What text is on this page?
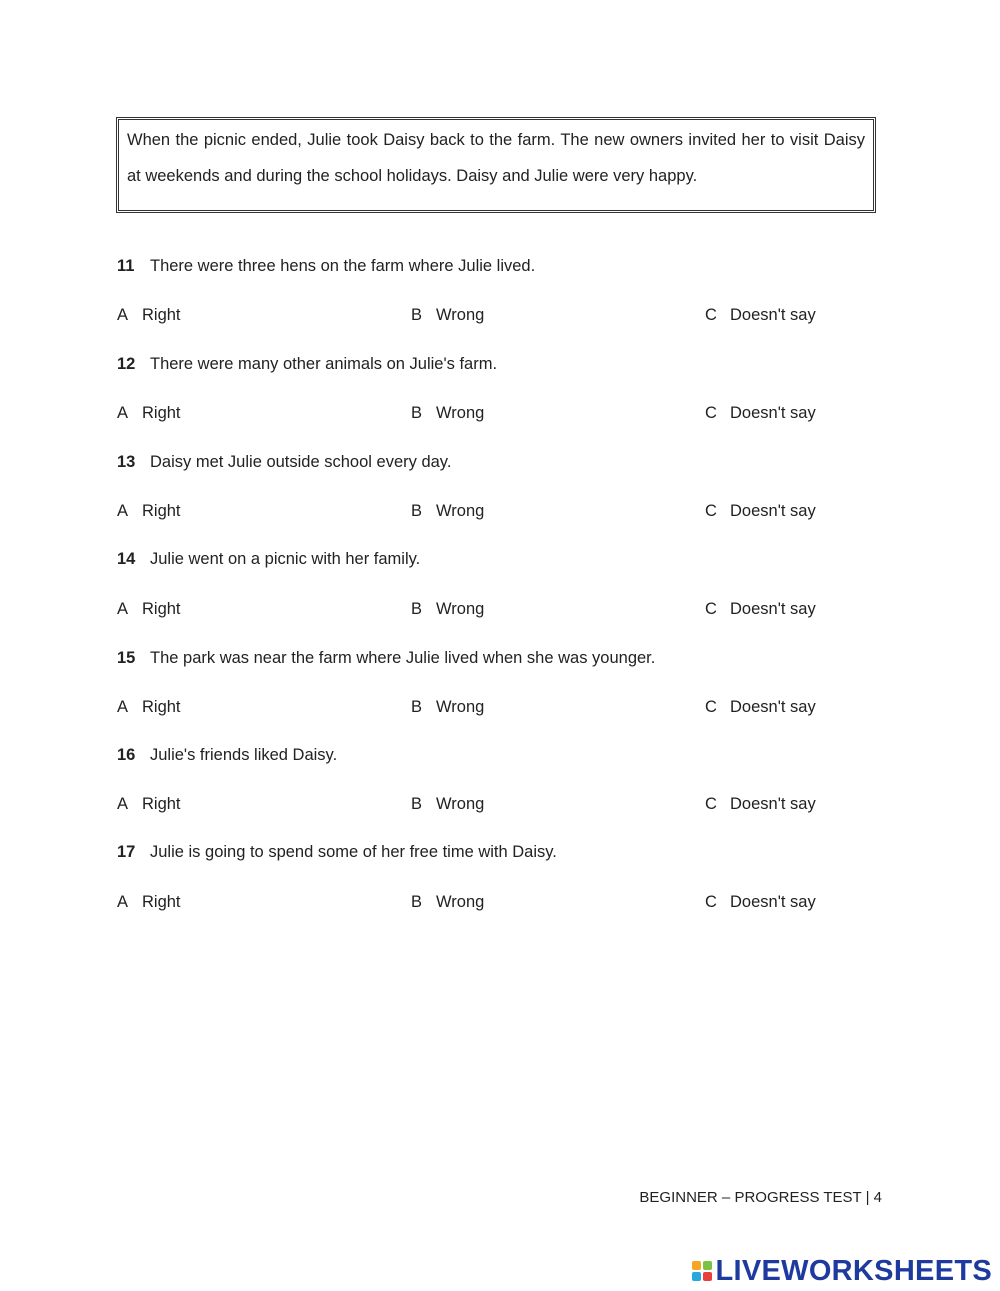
When the picnic ended, Julie took Daisy back to the farm. The new owners invited her to visit Daisy at weekends and during the school holidays. Daisy and Julie were very happy.
11 There were three hens on the farm where Julie lived.
A Right	B Wrong	C Doesn't say
12 There were many other animals on Julie's farm.
A Right	B Wrong	C Doesn't say
13 Daisy met Julie outside school every day.
A Right	B Wrong	C Doesn't say
14 Julie went on a picnic with her family.
A Right	B Wrong	C Doesn't say
15 The park was near the farm where Julie lived when she was younger.
A Right	B Wrong	C Doesn't say
16 Julie's friends liked Daisy.
A Right	B Wrong	C Doesn't say
17 Julie is going to spend some of her free time with Daisy.
A Right	B Wrong	C Doesn't say
BEGINNER – PROGRESS TEST | 4
LIVEWORKSHEETS
